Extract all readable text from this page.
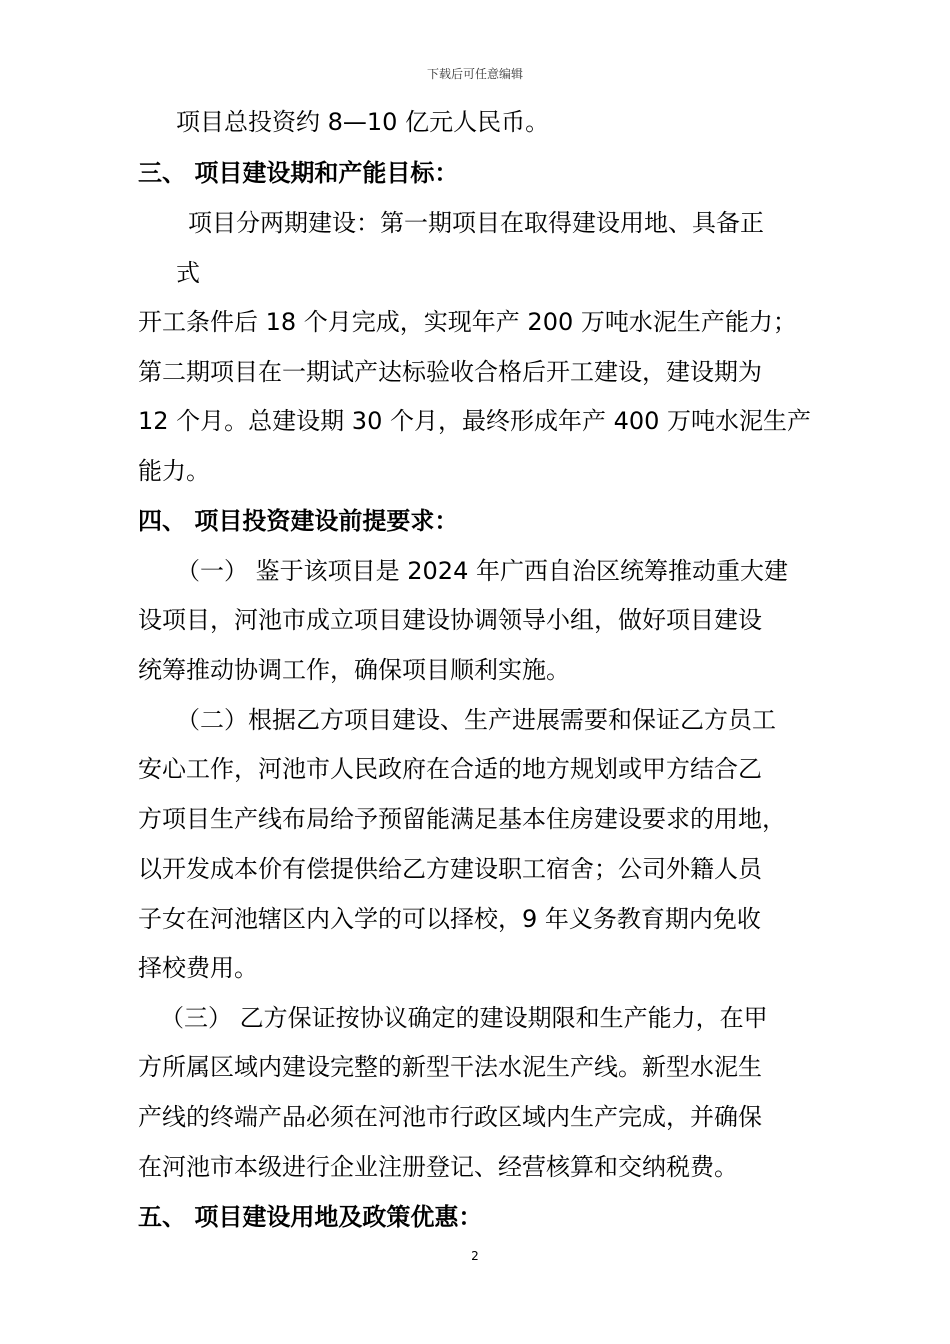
下载后可任意编辑
项目总投资约 8—10 亿元人民币。
三、 项目建设期和产能目标：
项目分两期建设：第一期项目在取得建设用地、具备正
式
开工条件后 18 个月完成，实现年产 200 万吨水泥生产能力；
第二期项目在一期试产达标验收合格后开工建设，建设期为
12 个月。总建设期 30 个月，最终形成年产 400 万吨水泥生产
能力。
四、 项目投资建设前提要求：
（一） 鉴于该项目是 2024 年广西自治区统筹推动重大建
设项目，河池市成立项目建设协调领导小组，做好项目建设
统筹推动协调工作，确保项目顺利实施。
（二）根据乙方项目建设、生产进展需要和保证乙方员工
安心工作，河池市人民政府在合适的地方规划或甲方结合乙
方项目生产线布局给予预留能满足基本住房建设要求的用地，
以开发成本价有偿提供给乙方建设职工宿舍；公司外籍人员
子女在河池辖区内入学的可以择校，9 年义务教育期内免收
择校费用。
（三） 乙方保证按协议确定的建设期限和生产能力，在甲
方所属区域内建设完整的新型干法水泥生产线。新型水泥生
产线的终端产品必须在河池市行政区域内生产完成，并确保
在河池市本级进行企业注册登记、经营核算和交纳税费。
五、 项目建设用地及政策优惠：
2
